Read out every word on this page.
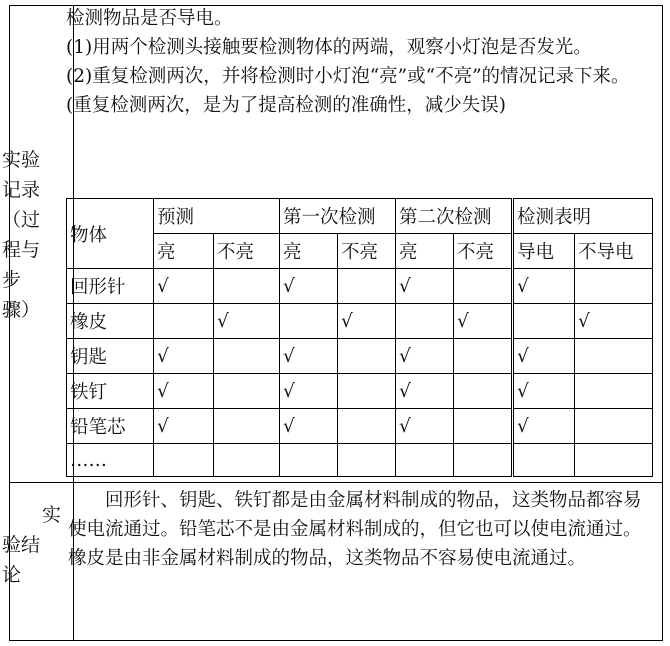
实验
记录
（过
程与
步
骤）

检测物品是否导电。

(1)用两个检测头接触要检测物体的两端，观察小灯泡是否发光。

(2)重复检测两次，并将检测时小灯泡“亮”或“不亮”的情况记录下来。(重复检测两次，是为了提高检测的准确性，减少失误)

物体	预测		第一次检测		第二次检测		检测表明	
	亮	不亮	亮	不亮	亮	不亮	导电	不导电
回形针	√		√		√		√	
橡皮		√		√		√		√
钥匙	√		√		√		√	
铁钉	√		√		√		√	
铅笔芯	√		√		√		√	
……								
实
验结
论
回形针、钥匙、铁钉都是由金属材料制成的物品，这类物品都容易使电流通过。铅笔芯不是由金属材料制成的，但它也可以使电流通过。橡皮是由非金属材料制成的物品，这类物品不容易使电流通过。
